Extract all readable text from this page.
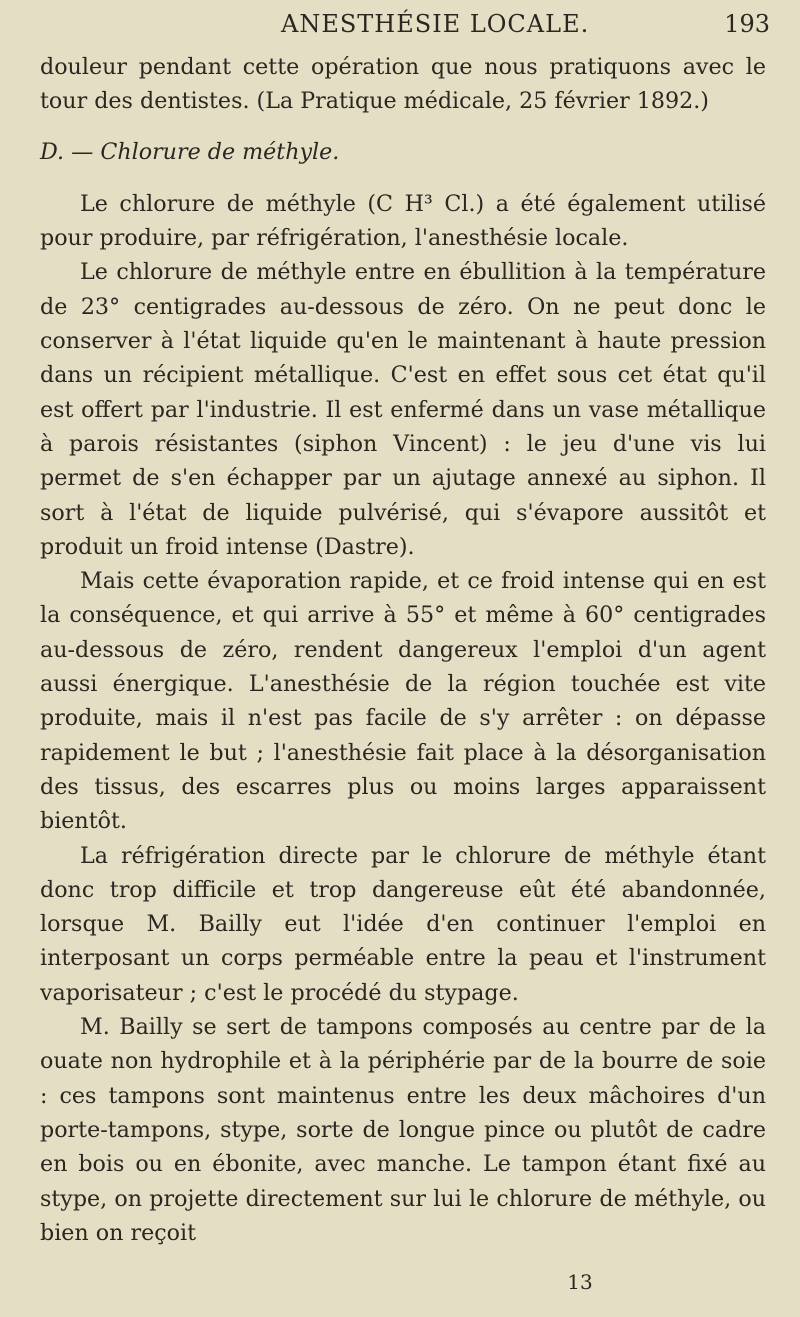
ANESTHÉSIE LOCALE.	193

douleur pendant cette opération que nous pratiquons avec le tour des dentistes. (La Pratique médicale, 25 février 1892.)

D. — Chlorure de méthyle.

Le chlorure de méthyle (C H³ Cl.) a été également utilisé pour produire, par réfrigération, l'anesthésie locale.

Le chlorure de méthyle entre en ébullition à la température de 23° centigrades au-dessous de zéro. On ne peut donc le conserver à l'état liquide qu'en le maintenant à haute pression dans un récipient métallique. C'est en effet sous cet état qu'il est offert par l'industrie. Il est enfermé dans un vase métallique à parois résistantes (siphon Vincent) : le jeu d'une vis lui permet de s'en échapper par un ajutage annexé au siphon. Il sort à l'état de liquide pulvérisé, qui s'évapore aussitôt et produit un froid intense (Dastre).

Mais cette évaporation rapide, et ce froid intense qui en est la conséquence, et qui arrive à 55° et même à 60° centigrades au-dessous de zéro, rendent dangereux l'emploi d'un agent aussi énergique. L'anesthésie de la région touchée est vite produite, mais il n'est pas facile de s'y arrêter : on dépasse rapidement le but ; l'anesthésie fait place à la désorganisation des tissus, des escarres plus ou moins larges apparaissent bientôt.

La réfrigération directe par le chlorure de méthyle étant donc trop difficile et trop dangereuse eût été abandonnée, lorsque M. Bailly eut l'idée d'en continuer l'emploi en interposant un corps perméable entre la peau et l'instrument vaporisateur ; c'est le procédé du stypage.

M. Bailly se sert de tampons composés au centre par de la ouate non hydrophile et à la périphérie par de la bourre de soie : ces tampons sont maintenus entre les deux mâchoires d'un porte-tampons, stype, sorte de longue pince ou plutôt de cadre en bois ou en ébonite, avec manche. Le tampon étant fixé au stype, on projette directement sur lui le chlorure de méthyle, ou bien on reçoit

13
